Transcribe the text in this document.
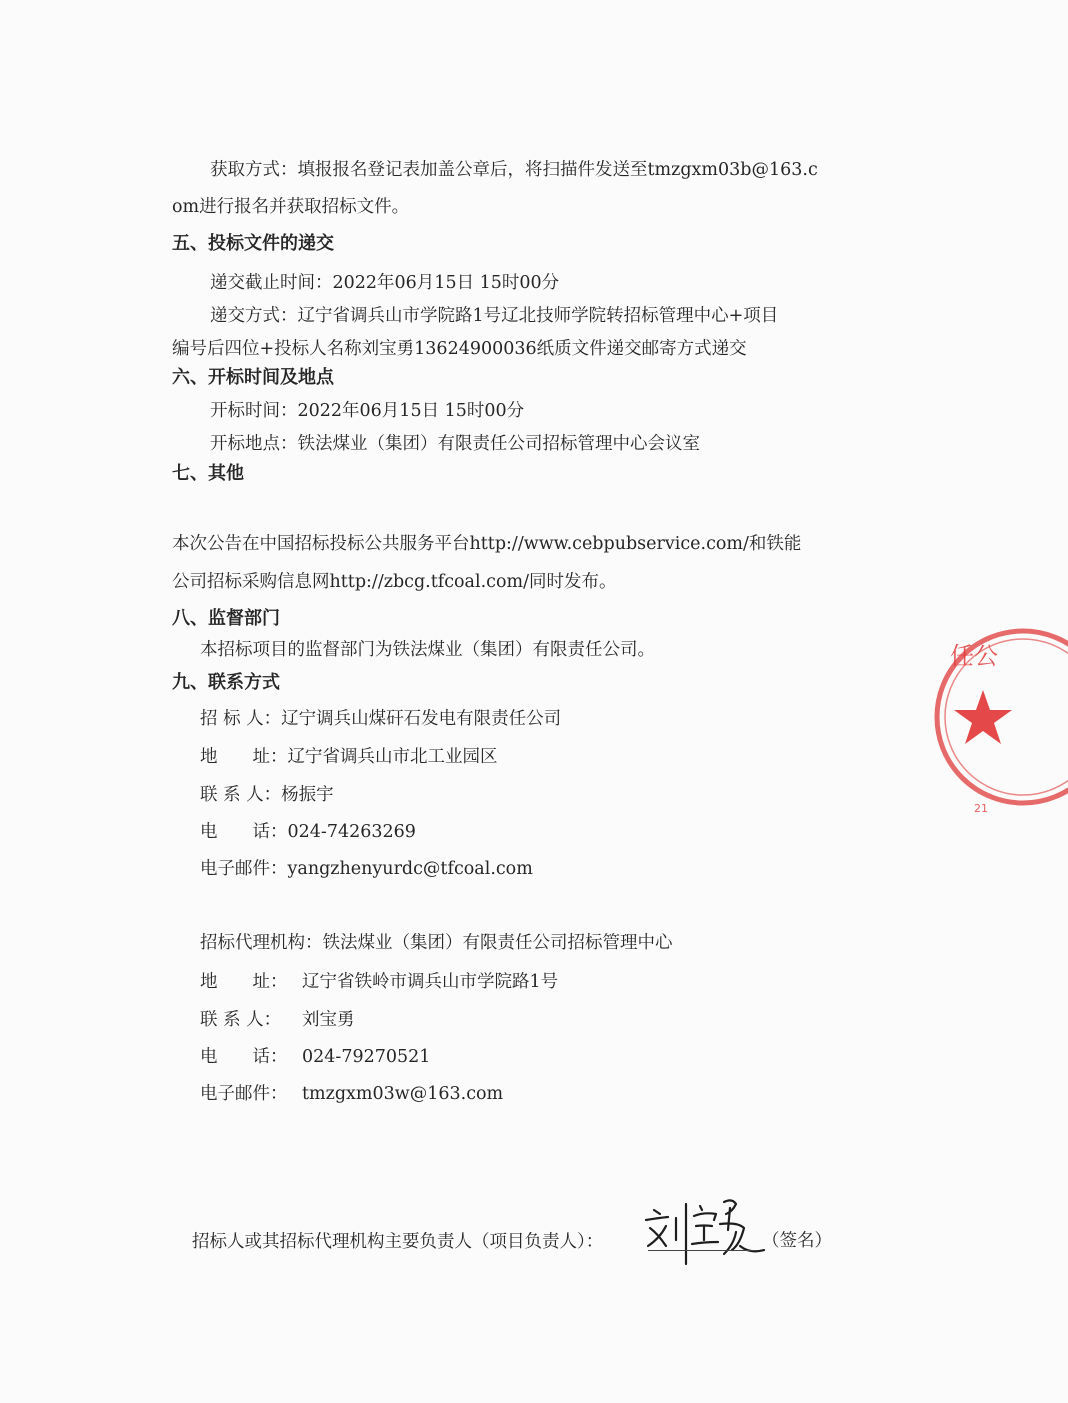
获取方式：填报报名登记表加盖公章后，将扫描件发送至tmzgxm03b@163.c
om进行报名并获取招标文件。
五、投标文件的递交
递交截止时间：2022年06月15日 15时00分
递交方式：辽宁省调兵山市学院路1号辽北技师学院转招标管理中心+项目
编号后四位+投标人名称刘宝勇13624900036纸质文件递交邮寄方式递交
六、开标时间及地点
开标时间：2022年06月15日 15时00分
开标地点：铁法煤业（集团）有限责任公司招标管理中心会议室
七、其他
本次公告在中国招标投标公共服务平台http://www.cebpubservice.com/和铁能
公司招标采购信息网http://zbcg.tfcoal.com/同时发布。
八、监督部门
本招标项目的监督部门为铁法煤业（集团）有限责任公司。
九、联系方式
招 标 人：辽宁调兵山煤矸石发电有限责任公司
地　　址：辽宁省调兵山市北工业园区
联 系 人：杨振宇
电　　话：024-74263269
电子邮件：yangzhenyurdc@tfcoal.com
招标代理机构：铁法煤业（集团）有限责任公司招标管理中心
地　　址： 辽宁省铁岭市调兵山市学院路1号
联 系 人： 刘宝勇
电　　话： 024-79270521
电子邮件： tmzgxm03w@163.com
招标人或其招标代理机构主要负责人（项目负责人）：	（签名）
任公
21
